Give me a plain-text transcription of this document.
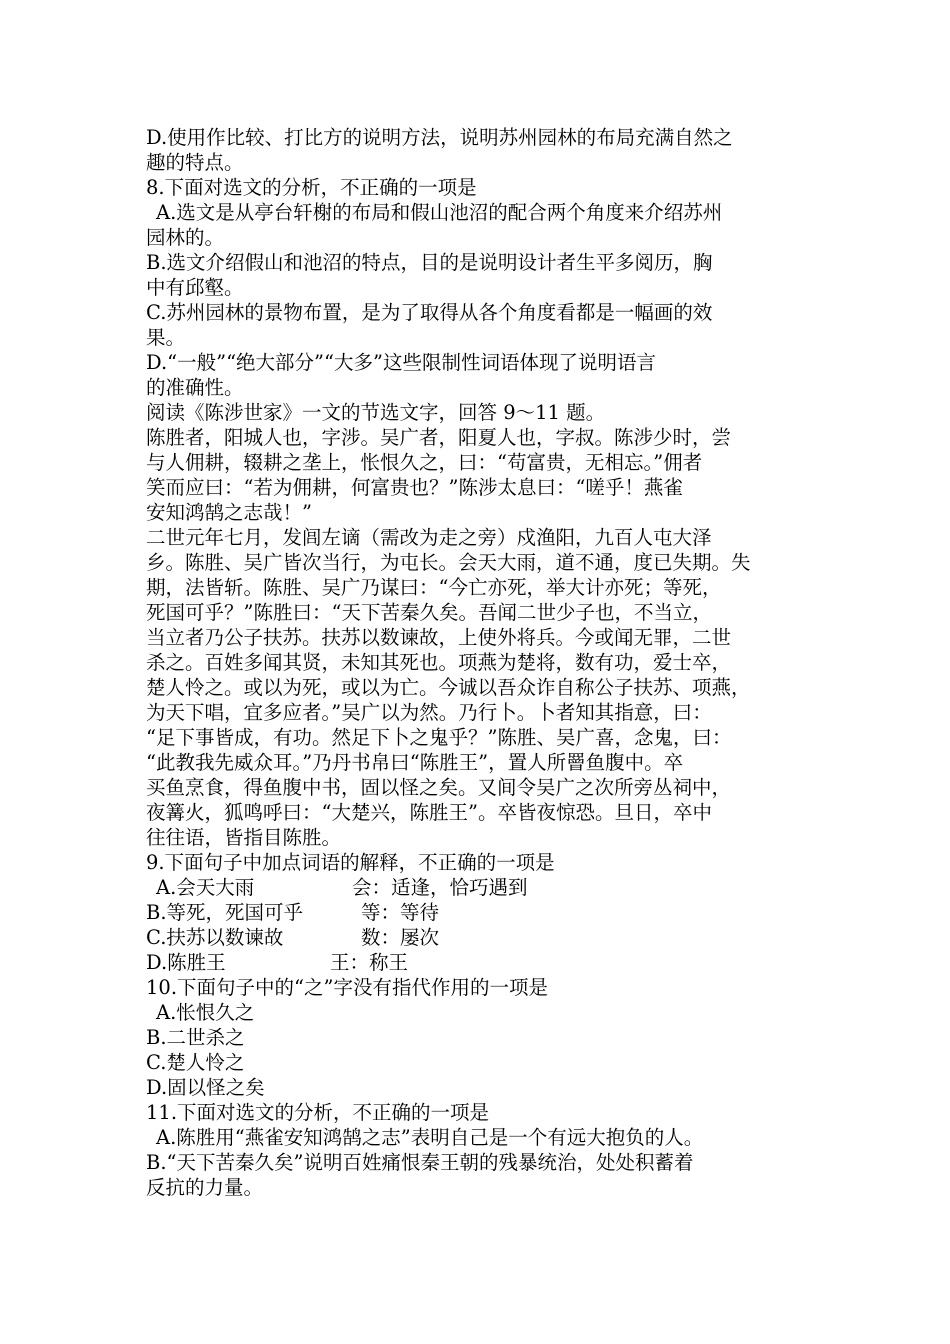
D.使用作比较、打比方的说明方法，说明苏州园林的布局充满自然之
趣的特点。
8.下面对选文的分析，不正确的一项是
A.选文是从亭台轩榭的布局和假山池沼的配合两个角度来介绍苏州
园林的。
B.选文介绍假山和池沼的特点，目的是说明设计者生平多阅历，胸
中有邱壑。
C.苏州园林的景物布置，是为了取得从各个角度看都是一幅画的效
果。
D.“一般”“绝大部分”“大多”这些限制性词语体现了说明语言
的准确性。
阅读《陈涉世家》一文的节选文字，回答 9～11 题。
陈胜者，阳城人也，字涉。吴广者，阳夏人也，字叔。陈涉少时，尝
与人佣耕，辍耕之垄上，怅恨久之，曰：“苟富贵，无相忘。”佣者
笑而应曰：“若为佣耕，何富贵也？”陈涉太息曰：“嗟乎！燕雀
安知鸿鹄之志哉！”
二世元年七月，发闾左谪（需改为走之旁）戍渔阳，九百人屯大泽
乡。陈胜、吴广皆次当行，为屯长。会天大雨，道不通，度已失期。失
期，法皆斩。陈胜、吴广乃谋曰：“今亡亦死，举大计亦死；等死，
死国可乎？”陈胜曰：“天下苦秦久矣。吾闻二世少子也，不当立，
当立者乃公子扶苏。扶苏以数谏故，上使外将兵。今或闻无罪，二世
杀之。百姓多闻其贤，未知其死也。项燕为楚将，数有功，爱士卒，
楚人怜之。或以为死，或以为亡。今诚以吾众诈自称公子扶苏、项燕，
为天下唱，宜多应者。”吴广以为然。乃行卜。卜者知其指意，曰：
“足下事皆成，有功。然足下卜之鬼乎？”陈胜、吴广喜，念鬼，曰：
“此教我先威众耳。”乃丹书帛曰“陈胜王”，置人所罾鱼腹中。卒
买鱼烹食，得鱼腹中书，固以怪之矣。又间令吴广之次所旁丛祠中，
夜篝火，狐鸣呼曰：“大楚兴，陈胜王”。卒皆夜惊恐。旦日，卒中
往往语，皆指目陈胜。
9.下面句子中加点词语的解释，不正确的一项是
A.会天大雨	会：适逢，恰巧遇到
B.等死，死国可乎	等：等待
C.扶苏以数谏故	数：屡次
D.陈胜王	王：称王
10.下面句子中的“之”字没有指代作用的一项是
A.怅恨久之
B.二世杀之
C.楚人怜之
D.固以怪之矣
11.下面对选文的分析，不正确的一项是
A.陈胜用“燕雀安知鸿鹄之志”表明自己是一个有远大抱负的人。
B.“天下苦秦久矣”说明百姓痛恨秦王朝的残暴统治，处处积蓄着
反抗的力量。
